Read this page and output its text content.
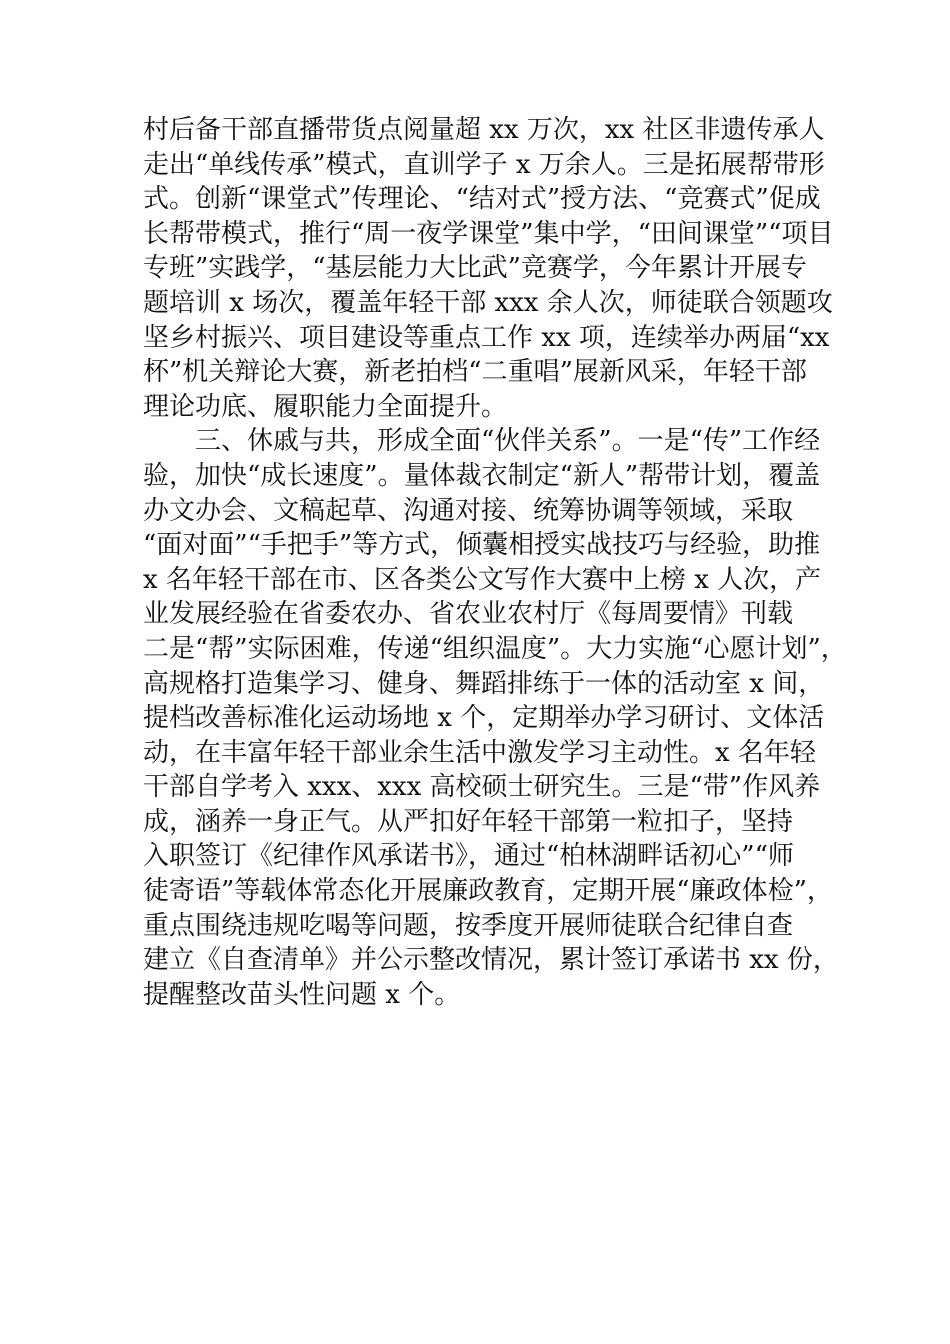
村后备干部直播带货点阅量超 xx 万次，xx 社区非遗传承人
走出“单线传承”模式，直训学子 x 万余人。三是拓展帮带形
式。创新“课堂式”传理论、“结对式”授方法、“竞赛式”促成
长帮带模式，推行“周一夜学课堂”集中学，“田间课堂”“项目
专班”实践学，“基层能力大比武”竞赛学，今年累计开展专
题培训 x 场次，覆盖年轻干部 xxx 余人次，师徒联合领题攻
坚乡村振兴、项目建设等重点工作 xx 项，连续举办两届“xx
杯”机关辩论大赛，新老拍档“二重唱”展新风采，年轻干部
理论功底、履职能力全面提升。
三、休戚与共，形成全面“伙伴关系”。一是“传”工作经
验，加快“成长速度”。量体裁衣制定“新人”帮带计划，覆盖
办文办会、文稿起草、沟通对接、统筹协调等领域，采取
“面对面”“手把手”等方式，倾囊相授实战技巧与经验，助推
x 名年轻干部在市、区各类公文写作大赛中上榜 x 人次，产
业发展经验在省委农办、省农业农村厅《每周要情》刊载
二是“帮”实际困难，传递“组织温度”。大力实施“心愿计划”，
高规格打造集学习、健身、舞蹈排练于一体的活动室 x 间，
提档改善标准化运动场地 x 个，定期举办学习研讨、文体活
动，在丰富年轻干部业余生活中激发学习主动性。x 名年轻
干部自学考入 xxx、xxx 高校硕士研究生。三是“带”作风养
成，涵养一身正气。从严扣好年轻干部第一粒扣子，坚持
入职签订《纪律作风承诺书》，通过“柏林湖畔话初心”“师
徒寄语”等载体常态化开展廉政教育，定期开展“廉政体检”，
重点围绕违规吃喝等问题，按季度开展师徒联合纪律自查
建立《自查清单》并公示整改情况，累计签订承诺书 xx 份，
提醒整改苗头性问题 x 个。
